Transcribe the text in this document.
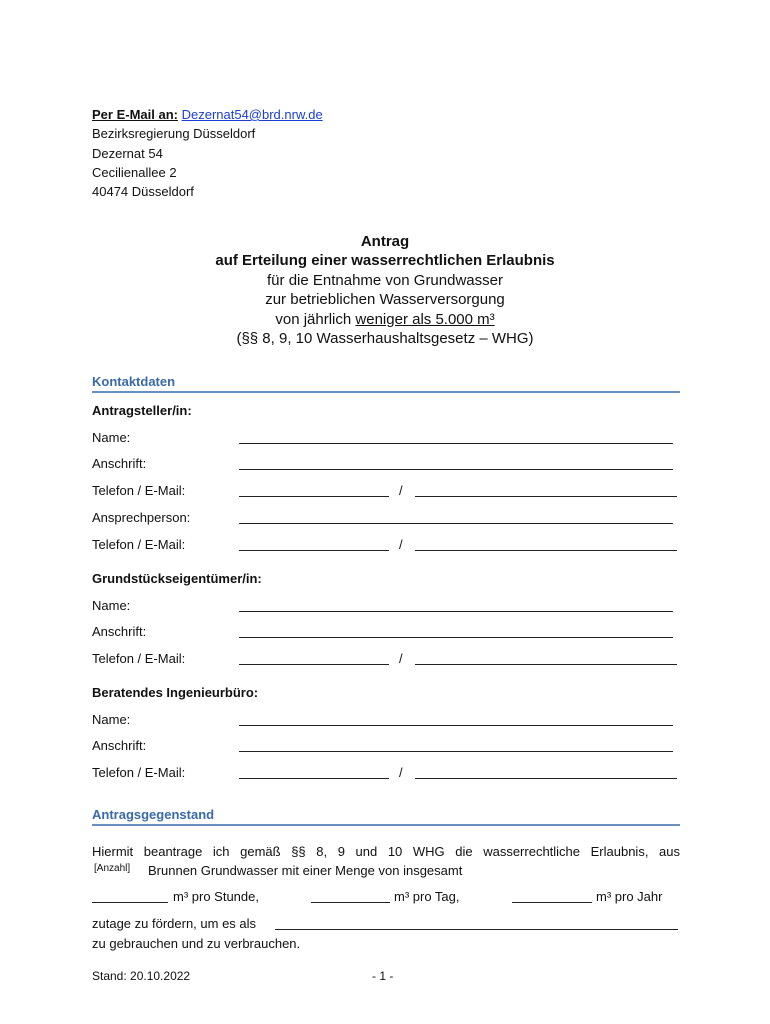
Per E-Mail an: Dezernat54@brd.nrw.de
Bezirksregierung Düsseldorf
Dezernat 54
Cecilienallee 2
40474 Düsseldorf
Antrag
auf Erteilung einer wasserrechtlichen Erlaubnis
für die Entnahme von Grundwasser
zur betrieblichen Wasserversorgung
von jährlich weniger als 5.000 m³
(§§ 8, 9, 10 Wasserhaushaltsgesetz – WHG)
Kontaktdaten
Antragsteller/in:
Name:
Anschrift:
Telefon / E-Mail:	/
Ansprechperson:
Telefon / E-Mail:	/
Grundstückseigentümer/in:
Name:
Anschrift:
Telefon / E-Mail:	/
Beratendes Ingenieurbüro:
Name:
Anschrift:
Telefon / E-Mail:	/
Antragsgegenstand
Hiermit beantrage ich gemäß §§ 8, 9 und 10 WHG die wasserrechtliche Erlaubnis, aus
[Anzahl] Brunnen Grundwasser mit einer Menge von insgesamt
m³ pro Stunde,	m³ pro Tag,	m³ pro Jahr
zutage zu fördern, um es als
zu gebrauchen und zu verbrauchen.
Stand: 20.10.2022	- 1 -
